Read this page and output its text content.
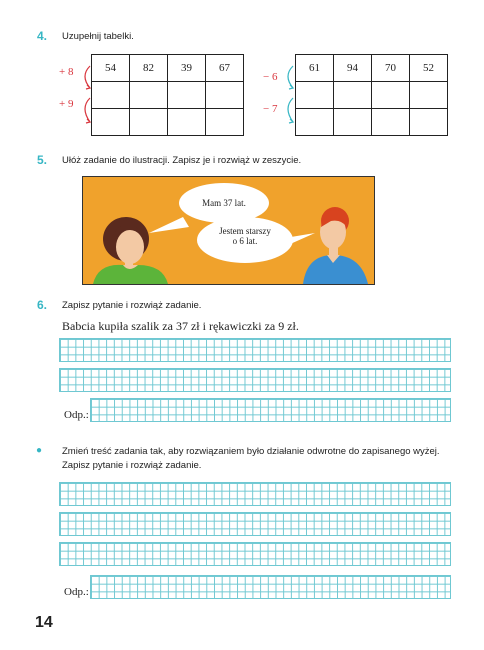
4. Uzupełnij tabelki.
+ 8
+ 9
54	82	39	67

− 6
− 7
61	94	70	52

5. Ułóż zadanie do ilustracji. Zapisz je i rozwiąż w zeszycie.
Mam 37 lat.
Jestem starszy
o 6 lat.
6. Zapisz pytanie i rozwiąż zadanie.
Babcia kupiła szalik za 37 zł i rękawiczki za 9 zł.
Odp.:
● Zmień treść zadania tak, aby rozwiązaniem było działanie odwrotne do zapisanego wyżej.
Zapisz pytanie i rozwiąż zadanie.
Odp.:
14
